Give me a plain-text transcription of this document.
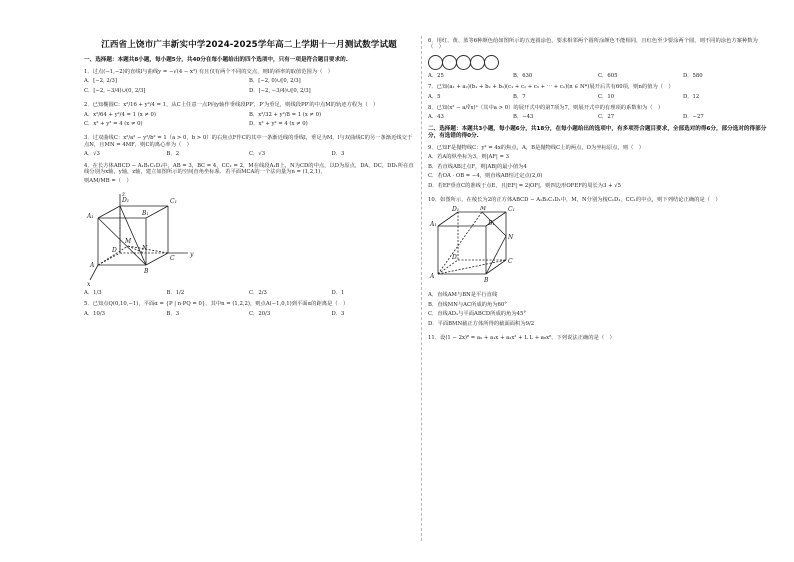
江西省上饶市广丰新实中学2024-2025学年高二上学期十一月测试数学试题
一、选择题：本题共8小题，每小题5分，共40分在每小题给出的四个选项中，只有一项是符合题目要求的.
1．过点(−1,−2)的直线l与曲线y = −√(4 − x²) 有且仅有两个不同的交点，则l的斜率的取值范围为（　）
A．[−2, 2/3]	B．[−2, 0)∪[0, 2/3]
C．[−2, −3/4)∪(0, 2/3]	D．[−2, −3/4)∪[0, 2/3]
2．已知椭圆C：x²/16 + y²/4 = 1，从C上任意一点P向y轴作垂线段PP′，P′为垂足，则线段PP′的中点M的轨迹方程为（　）
A．x²/64 + y²/4 = 1 (x ≠ 0)	B．x²/32 + y²/8 = 1 (x ≠ 0)
C．x² + y² = 4 (x ≠ 0)	D．x² + y² = 4 (x ≠ 0)
3．过双曲线C：x²/a² − y²/b² = 1（a > 0，b > 0）的右焦点F作C的其中一条渐近线的垂线l，垂足为M，l与双曲线C的另一条渐近线交于点N，且MN = 4MF，则C的离心率为（　）
A．√3	B．2	C．√3	D．3
4．在长方体ABCD − A₁B₁C₁D₁中，AB = 3，BC = 4，CC₁ = 2，M在线段A₁B上，N为CD的中点，以D为原点，DA，DC，DD₁所在直线分别为x轴，y轴，z轴，建立如图所示的空间直角坐标系．若平面MCA的一个法向量为n = (1,2,1)，
则AM/MB =（　）
D₁	C₁
A₁	B₁
D
C
A
B
M
N
x
y
z
A．1/3	B．1/2	C．2/3	D．1
5．已知点Q(0,10,−1)，平面α = {P | n·PQ = 0}，其中n = (1,2,2)，则点A(−1,0,1)到平面α的距离是（　）
A．10/3	B．3	C．20/3	D．3
6．用红、黄、蓝等6种颜色给如图所示的五连圆涂色，要求相邻两个圆所涂颜色不能相同，且红色至少要涂两个圆，则不同的涂色方案种数为（　）
A．25	B．630	C．605	D．580
7．已知(a₁ + a₂)(b₁ + b₂ + b₃)(c₁ + c₂ + c₃ + ⋯ + cₙ)(n ∈ N*)展开后共有60项，则n的值为（　）
A．5	B．7	C．10	D．12
8．已知(x² − a/∛x)ⁿ（其中a > 0）的展开式中的第7项为7，则展开式中的有理项的系数和为（　）
A．43	B．−43	C．27	D．−27
二、选择题：本题共3小题，每小题6分，共18分，在每小题给出的选项中，有多项符合题目要求，全部选对的得6分，部分选对的得部分分，有选错的得0分.
9．已知F是抛物线C：y² = 4x的焦点，A，B是抛物线C上的两点，O为坐标原点，则（　）
A．若A的纵坐标为3，则|AF| = 3
B．若直线AB过点F，则|AB|的最小值为4
C．若OA · OB = −4，则直线AB恒过定点(2,0)
D．若EF垂直C的准线于点E，且|EF| = 2|OF|，则四边形OFEF的周长为3 + √5
10．如图所示，在棱长为2的正方体ABCD − A₁B₁C₁D₁中，M，N分别为棱C₁D₁，CC₁的中点，则下列结论正确的是（　）
D₁	M	C₁
A₁	B₁
N
D
C
A
B
A．直线AM与BN是平行直线
B．直线MN与AC所成的角为60°
C．直线AD₁与平面ABCD所成的角为45°
D．平面BMN截正方体所得的截面面积为9/2
11．设(1 − 2x)⁸ = a₀ + a₁x + a₂x² + L L + a₈x⁸，下列说法正确的是（　）
